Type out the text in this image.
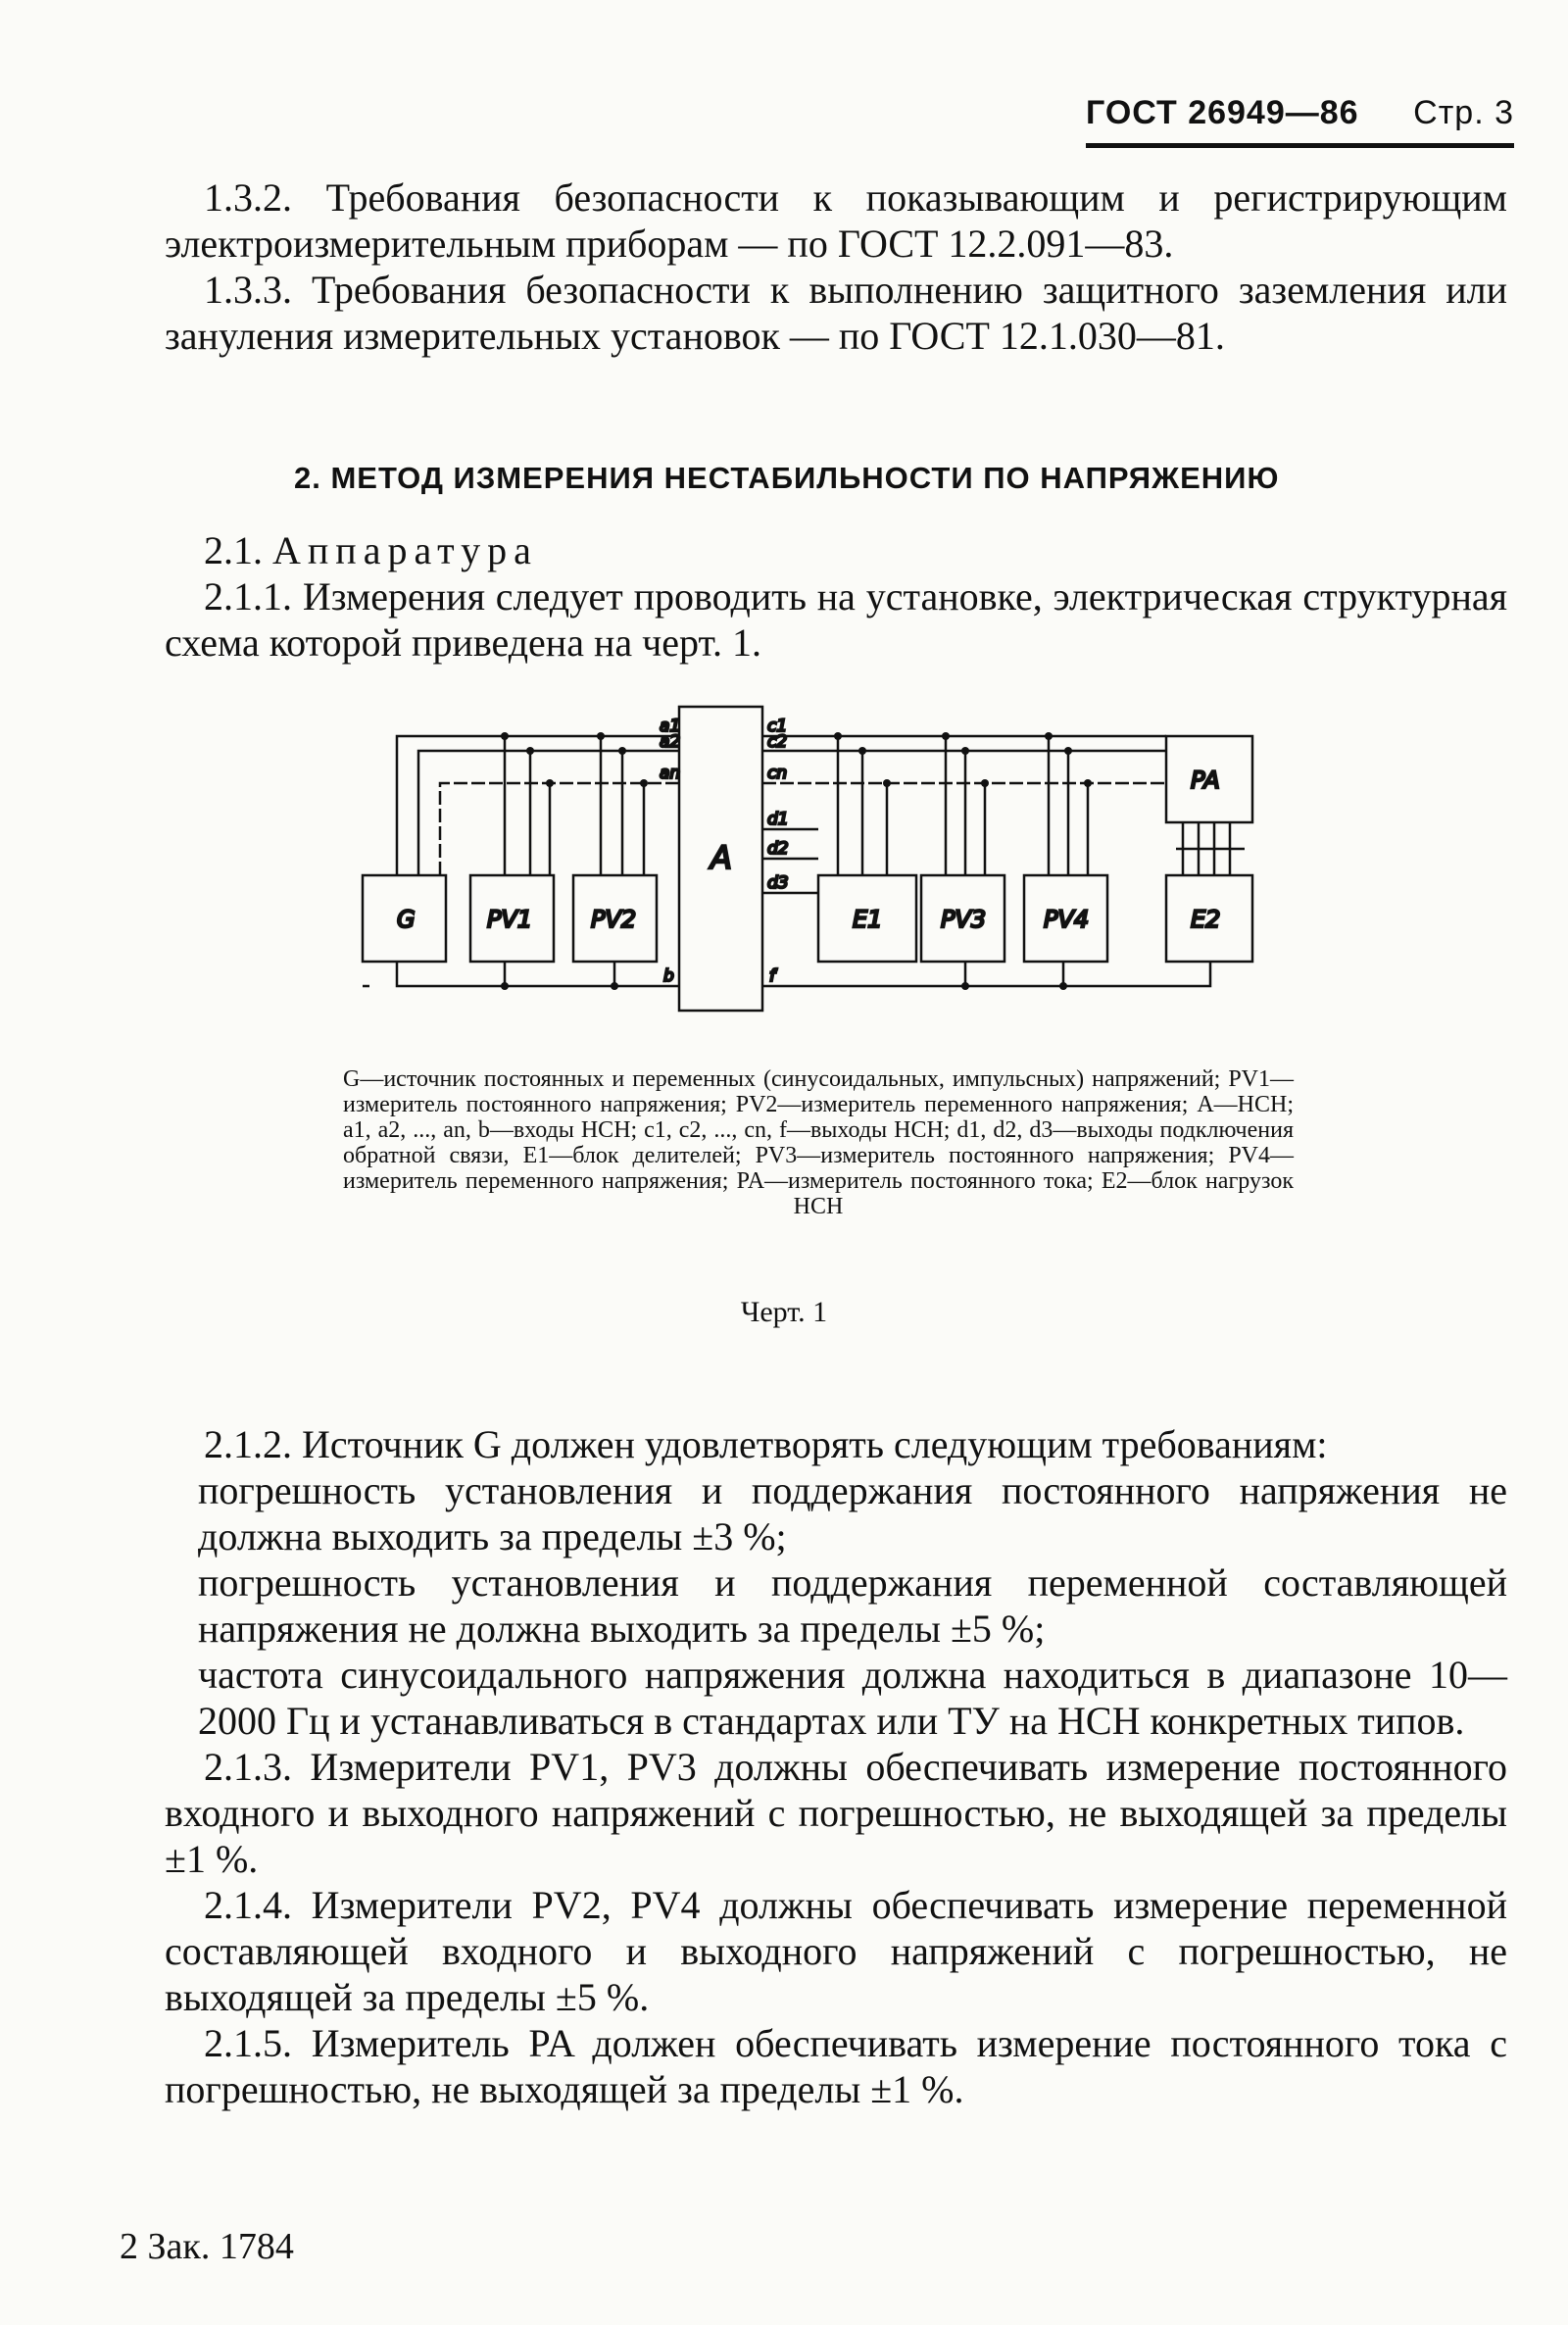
ГОСТ 26949—86 Стр. 3

1.3.2. Требования безопасности к показывающим и регистрирующим электроизмерительным приборам — по ГОСТ 12.2.091—83.

1.3.3. Требования безопасности к выполнению защитного заземления или зануления измерительных установок — по ГОСТ 12.1.030—81.

2. МЕТОД ИЗМЕРЕНИЯ НЕСТАБИЛЬНОСТИ ПО НАПРЯЖЕНИЮ

2.1. Аппаратура

2.1.1. Измерения следует проводить на установке, электрическая структурная схема которой приведена на черт. 1.

G	PV1 PV2
A
E1 PV3 PV4
PA
E2
a1
a2
an
b
c1
c2
cn
d1
d2
d3
f
G—источник постоянных и переменных (синусоидальных, импульсных) напряжений; PV1—измеритель постоянного напряжения; PV2—измеритель переменного напряжения; A—НСН; a1, a2, ..., an, b—входы НСН; c1, c2, ..., cn, f—выходы НСН; d1, d2, d3—выходы подключения обратной связи, E1—блок делителей; PV3—измеритель постоянного напряжения; PV4—измеритель переменного напряжения; PA—измеритель постоянного тока; E2—блок нагрузок НСН
Черт. 1

2.1.2. Источник G должен удовлетворять следующим требованиям:

погрешность установления и поддержания постоянного напряжения не должна выходить за пределы ±3 %;

погрешность установления и поддержания переменной составляющей напряжения не должна выходить за пределы ±5 %;

частота синусоидального напряжения должна находиться в диапазоне 10—2000 Гц и устанавливаться в стандартах или ТУ на НСН конкретных типов.

2.1.3. Измерители PV1, PV3 должны обеспечивать измерение постоянного входного и выходного напряжений с погрешностью, не выходящей за пределы ±1 %.

2.1.4. Измерители PV2, PV4 должны обеспечивать измерение переменной составляющей входного и выходного напряжений с погрешностью, не выходящей за пределы ±5 %.

2.1.5. Измеритель PA должен обеспечивать измерение постоянного тока с погрешностью, не выходящей за пределы ±1 %.

2 Зак. 1784
